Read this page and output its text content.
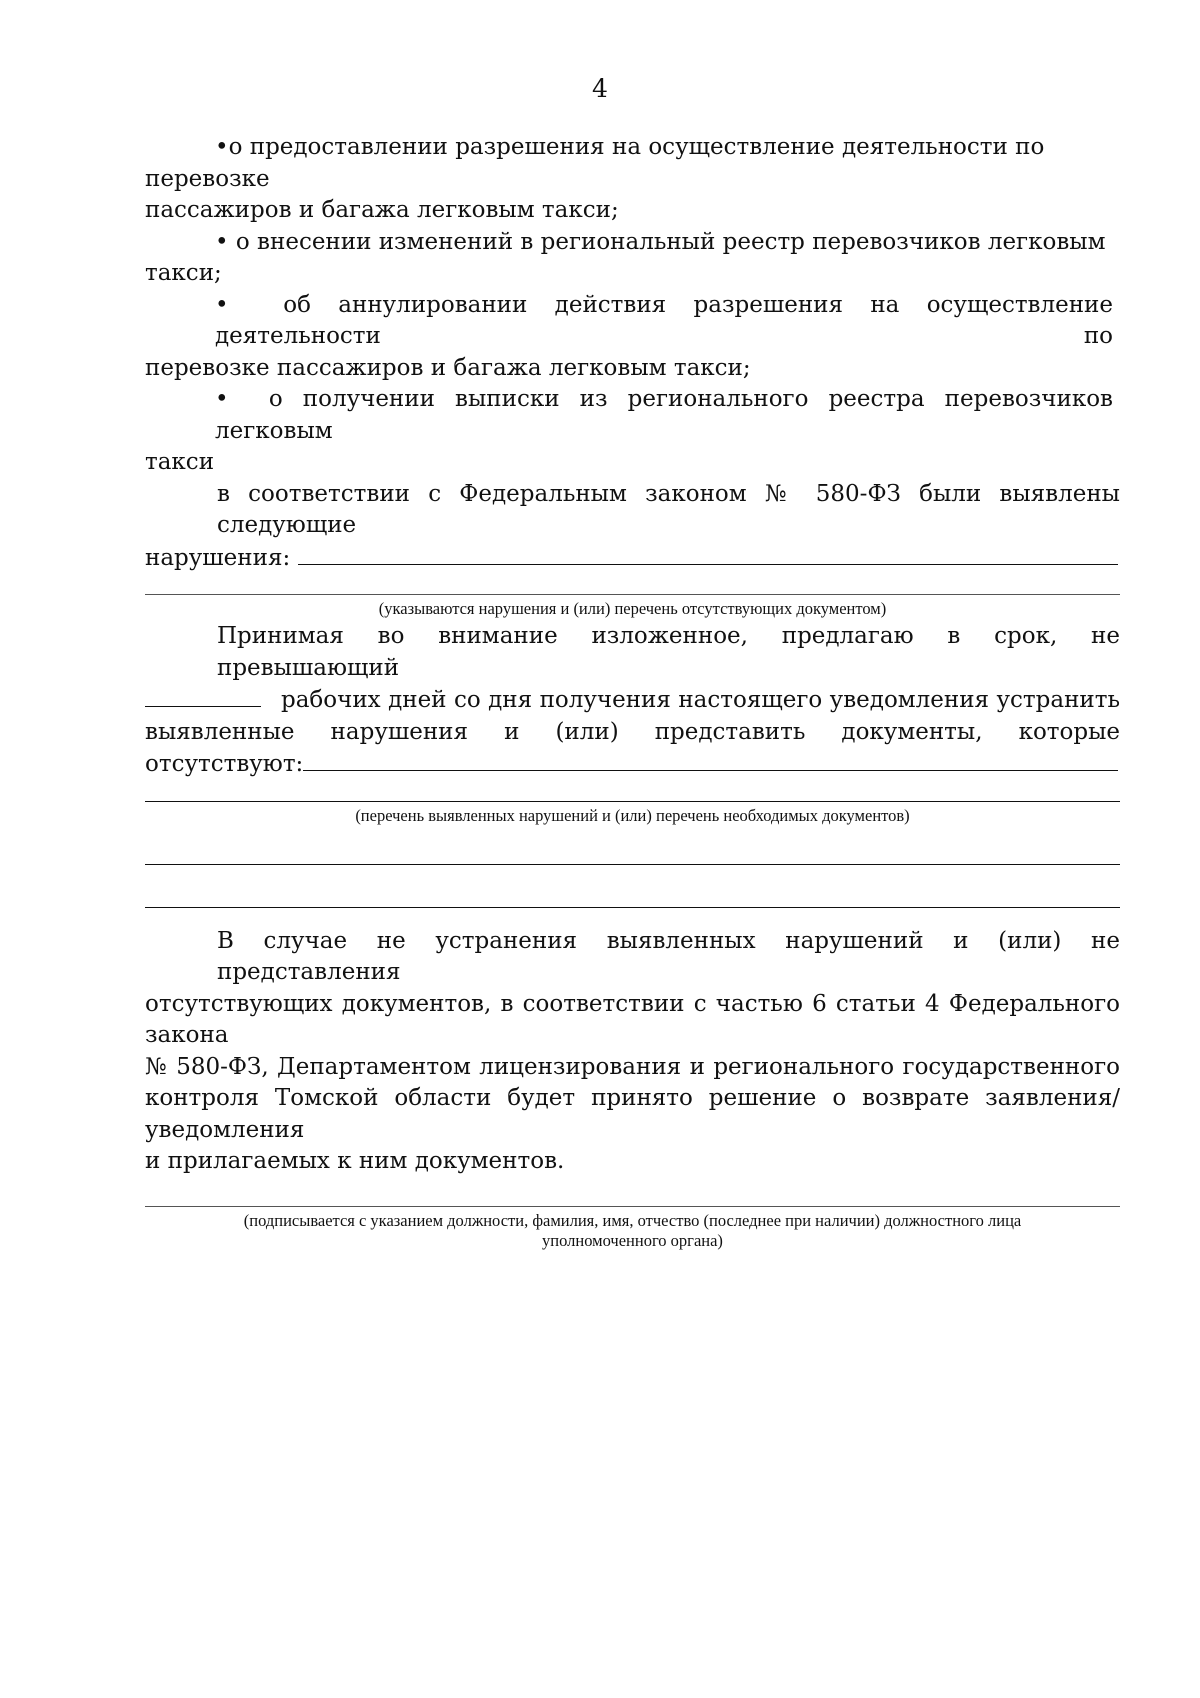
4

•о предоставлении разрешения на осуществление деятельности по перевозке
пассажиров и багажа легковым такси;

• о внесении изменений в региональный реестр перевозчиков легковым такси;

• об аннулировании действия разрешения на осуществление деятельности по
перевозке пассажиров и багажа легковым такси;

• о получении выписки из регионального реестра перевозчиков легковым
такси

в соответствии с Федеральным законом № 580-ФЗ были выявлены следующие
нарушения:

(указываются нарушения и (или) перечень отсутствующих документом)

Принимая во внимание изложенное, предлагаю в срок, не превышающий
рабочих дней со дня получения настоящего уведомления устранить
выявленные нарушения и (или) представить документы, которые
отсутствуют:

(перечень выявленных нарушений и (или) перечень необходимых документов)

В случае не устранения выявленных нарушений и (или) не представления
отсутствующих документов, в соответствии с частью 6 статьи 4 Федерального закона
№ 580-ФЗ, Департаментом лицензирования и регионального государственного
контроля Томской области будет принято решение о возврате заявления/уведомления
и прилагаемых к ним документов.

(подписывается с указанием должности, фамилия, имя, отчество (последнее при наличии) должностного лица

уполномоченного органа)
